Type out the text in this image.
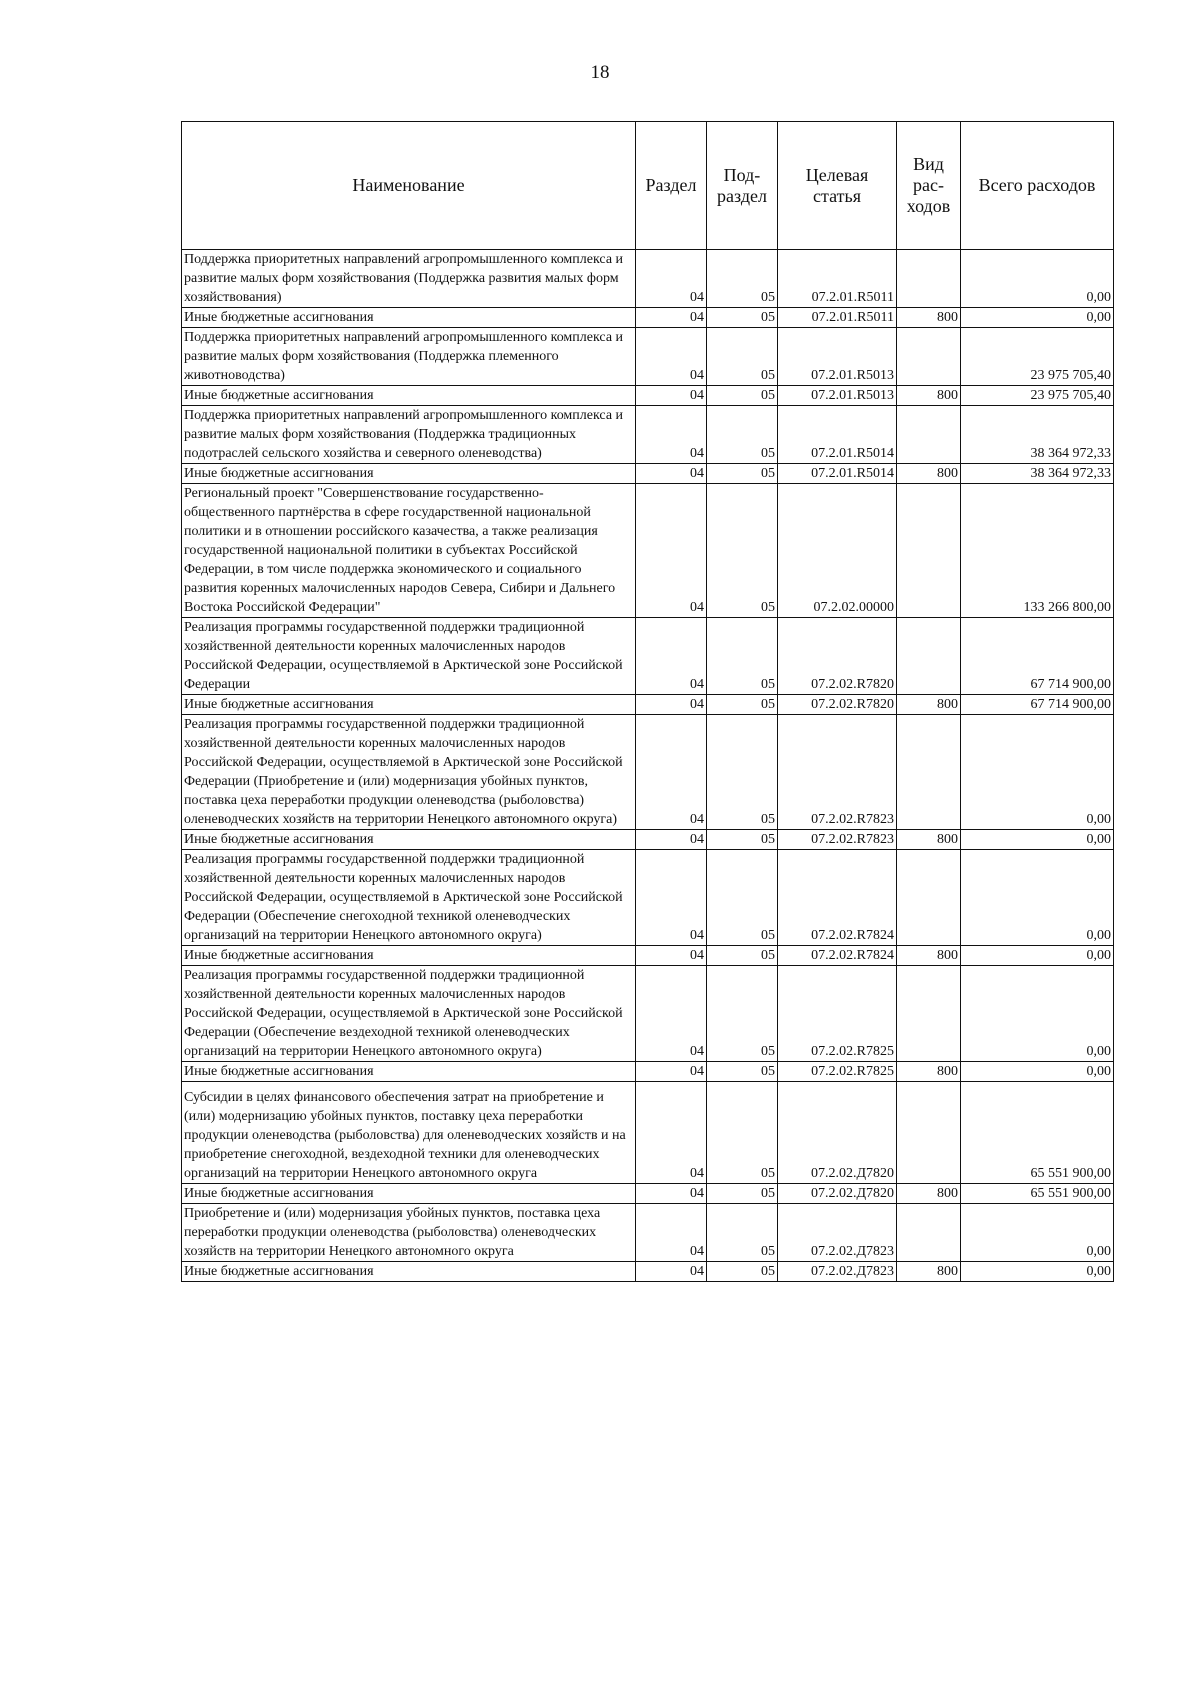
18
Наименование	Раздел	Под-раздел	Целевая статья	Вид рас-ходов	Всего расходов
Поддержка приоритетных направлений агропромышленного комплекса и развитие малых форм хозяйствования (Поддержка развития малых форм хозяйствования)	04	05	07.2.01.R5011		0,00
Иные бюджетные ассигнования	04	05	07.2.01.R5011	800	0,00
Поддержка приоритетных направлений агропромышленного комплекса и развитие малых форм хозяйствования (Поддержка племенного животноводства)	04	05	07.2.01.R5013		23 975 705,40
Иные бюджетные ассигнования	04	05	07.2.01.R5013	800	23 975 705,40
Поддержка приоритетных направлений агропромышленного комплекса и развитие малых форм хозяйствования (Поддержка традиционных подотраслей сельского хозяйства и северного оленеводства)	04	05	07.2.01.R5014		38 364 972,33
Иные бюджетные ассигнования	04	05	07.2.01.R5014	800	38 364 972,33
Региональный проект "Совершенствование государственно-общественного партнёрства в сфере государственной национальной политики и в отношении российского казачества, а также реализация государственной национальной политики в субъектах Российской Федерации, в том числе поддержка экономического и социального развития коренных малочисленных народов Севера, Сибири и Дальнего Востока Российской Федерации"	04	05	07.2.02.00000		133 266 800,00
Реализация программы государственной поддержки традиционной хозяйственной деятельности коренных малочисленных народов Российской Федерации, осуществляемой в Арктической зоне Российской Федерации	04	05	07.2.02.R7820		67 714 900,00
Иные бюджетные ассигнования	04	05	07.2.02.R7820	800	67 714 900,00
Реализация программы государственной поддержки традиционной хозяйственной деятельности коренных малочисленных народов Российской Федерации, осуществляемой в Арктической зоне Российской Федерации (Приобретение и (или) модернизация убойных пунктов, поставка цеха переработки продукции оленеводства (рыболовства) оленеводческих хозяйств на территории Ненецкого автономного округа)	04	05	07.2.02.R7823		0,00
Иные бюджетные ассигнования	04	05	07.2.02.R7823	800	0,00
Реализация программы государственной поддержки традиционной хозяйственной деятельности коренных малочисленных народов Российской Федерации, осуществляемой в Арктической зоне Российской Федерации (Обеспечение снегоходной техникой оленеводческих организаций на территории Ненецкого автономного округа)	04	05	07.2.02.R7824		0,00
Иные бюджетные ассигнования	04	05	07.2.02.R7824	800	0,00
Реализация программы государственной поддержки традиционной хозяйственной деятельности коренных малочисленных народов Российской Федерации, осуществляемой в Арктической зоне Российской Федерации (Обеспечение вездеходной техникой оленеводческих организаций на территории Ненецкого автономного округа)	04	05	07.2.02.R7825		0,00
Иные бюджетные ассигнования	04	05	07.2.02.R7825	800	0,00
Субсидии в целях финансового обеспечения затрат на приобретение и (или) модернизацию убойных пунктов, поставку цеха переработки продукции оленеводства (рыболовства) для оленеводческих хозяйств и на приобретение снегоходной, вездеходной техники для оленеводческих организаций на территории Ненецкого автономного округа	04	05	07.2.02.Д7820		65 551 900,00
Иные бюджетные ассигнования	04	05	07.2.02.Д7820	800	65 551 900,00
Приобретение и (или) модернизация убойных пунктов, поставка цеха переработки продукции оленеводства (рыболовства) оленеводческих хозяйств на территории Ненецкого автономного округа	04	05	07.2.02.Д7823		0,00
Иные бюджетные ассигнования	04	05	07.2.02.Д7823	800	0,00
